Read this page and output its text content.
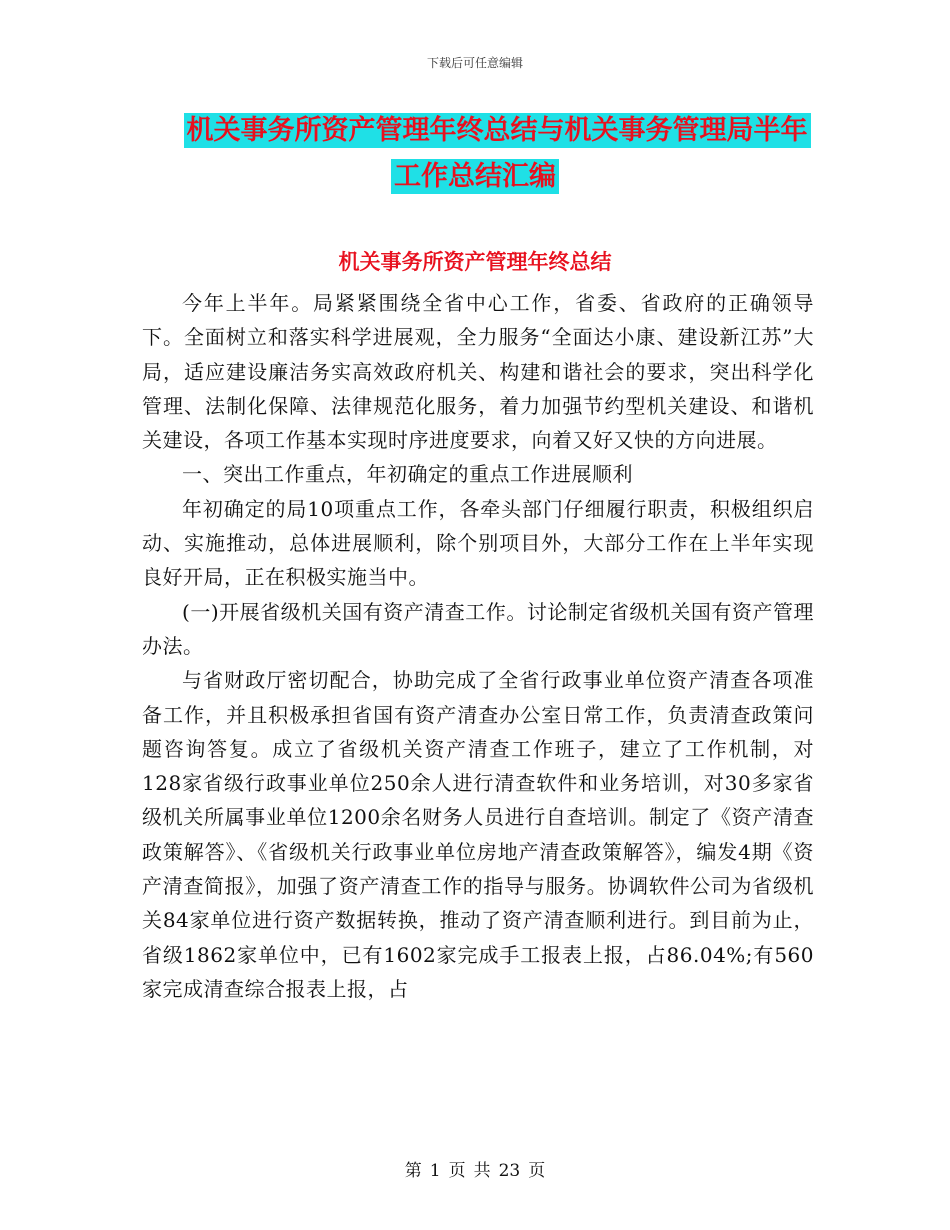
下载后可任意编辑
机关事务所资产管理年终总结与机关事务管理局半年
工作总结汇编
机关事务所资产管理年终总结

今年上半年。局紧紧围绕全省中心工作，省委、省政府的正确领导下。全面树立和落实科学进展观，全力服务“全面达小康、建设新江苏”大局，适应建设廉洁务实高效政府机关、构建和谐社会的要求，突出科学化管理、法制化保障、法律规范化服务，着力加强节约型机关建设、和谐机关建设，各项工作基本实现时序进度要求，向着又好又快的方向进展。

一、突出工作重点，年初确定的重点工作进展顺利

年初确定的局10项重点工作，各牵头部门仔细履行职责，积极组织启动、实施推动，总体进展顺利，除个别项目外，大部分工作在上半年实现良好开局，正在积极实施当中。

(一)开展省级机关国有资产清查工作。讨论制定省级机关国有资产管理办法。

与省财政厅密切配合，协助完成了全省行政事业单位资产清查各项准备工作，并且积极承担省国有资产清查办公室日常工作，负责清查政策问题咨询答复。成立了省级机关资产清查工作班子，建立了工作机制，对128家省级行政事业单位250余人进行清查软件和业务培训，对30多家省级机关所属事业单位1200余名财务人员进行自查培训。制定了《资产清查政策解答》、《省级机关行政事业单位房地产清查政策解答》，编发4期《资产清查简报》，加强了资产清查工作的指导与服务。协调软件公司为省级机关84家单位进行资产数据转换，推动了资产清查顺利进行。到目前为止，省级1862家单位中，已有1602家完成手工报表上报，占86.04%;有560家完成清查综合报表上报，占

第 1 页 共 23 页
